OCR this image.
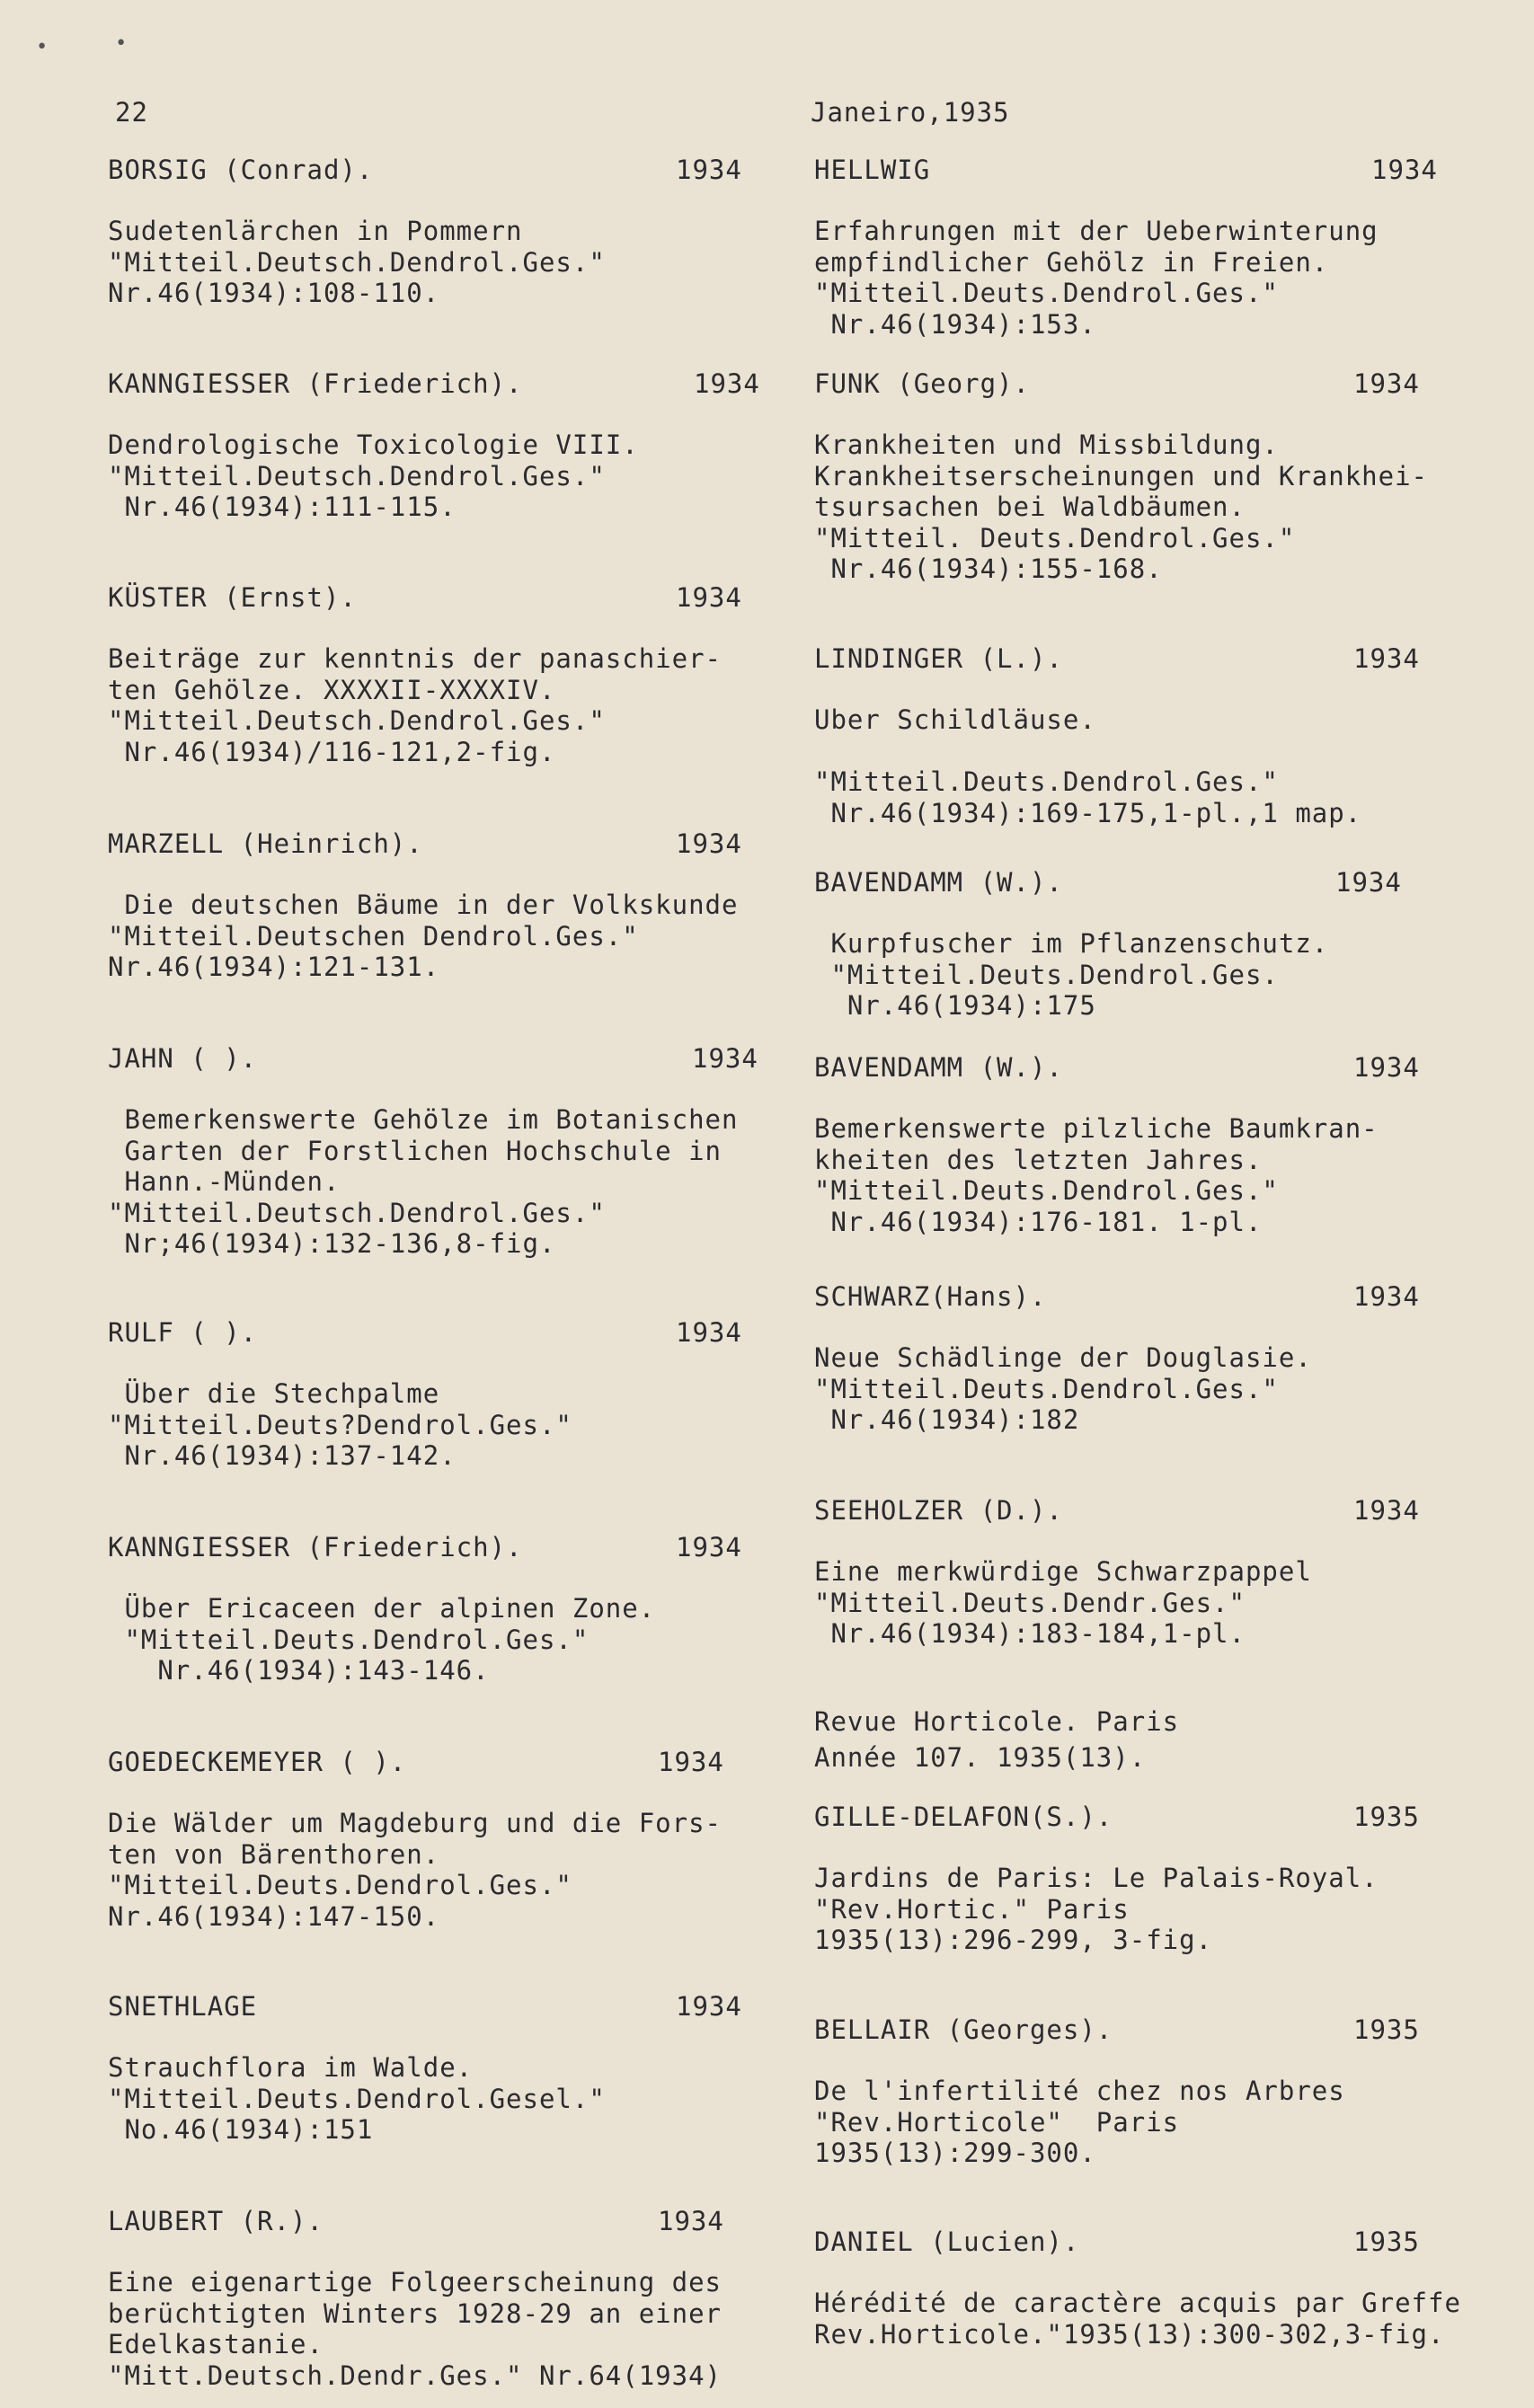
•	•
22	Janeiro,1935
BORSIG (Conrad).	1934
Sudetenlärchen in Pommern
"Mitteil.Deutsch.Dendrol.Ges."
Nr.46(1934):108-110.
KANNGIESSER (Friederich).	1934
Dendrologische Toxicologie VIII.
"Mitteil.Deutsch.Dendrol.Ges."
Nr.46(1934):111-115.
KÜSTER (Ernst).	1934
Beiträge zur kenntnis der panaschier-
ten Gehölze. XXXXII-XXXXIV.
"Mitteil.Deutsch.Dendrol.Ges."
Nr.46(1934)/116-121,2-fig.
MARZELL (Heinrich).	1934
Die deutschen Bäume in der Volkskunde
"Mitteil.Deutschen Dendrol.Ges."
Nr.46(1934):121-131.
JAHN ( ).	1934
Bemerkenswerte Gehölze im Botanischen
Garten der Forstlichen Hochschule in
Hann.-Münden.
"Mitteil.Deutsch.Dendrol.Ges."
Nr;46(1934):132-136,8-fig.
RULF ( ).	1934
Über die Stechpalme
"Mitteil.Deuts?Dendrol.Ges."
Nr.46(1934):137-142.
KANNGIESSER (Friederich).	1934
Über Ericaceen der alpinen Zone.
"Mitteil.Deuts.Dendrol.Ges."
Nr.46(1934):143-146.
GOEDECKEMEYER ( ).	1934
Die Wälder um Magdeburg und die Fors-
ten von Bärenthoren.
"Mitteil.Deuts.Dendrol.Ges."
Nr.46(1934):147-150.
SNETHLAGE	1934
Strauchflora im Walde.
"Mitteil.Deuts.Dendrol.Gesel."
No.46(1934):151
LAUBERT (R.).	1934
Eine eigenartige Folgeerscheinung des
berüchtigten Winters 1928-29 an einer
Edelkastanie.
"Mitt.Deutsch.Dendr.Ges." Nr.64(1934)
HELLWIG	1934
Erfahrungen mit der Ueberwinterung
empfindlicher Gehölz in Freien.
"Mitteil.Deuts.Dendrol.Ges."
Nr.46(1934):153.
FUNK (Georg).	1934
Krankheiten und Missbildung.
Krankheitserscheinungen und Krankhei-
tsursachen bei Waldbäumen.
"Mitteil. Deuts.Dendrol.Ges."
Nr.46(1934):155-168.
LINDINGER (L.).	1934
Uber Schildläuse.
"Mitteil.Deuts.Dendrol.Ges."
Nr.46(1934):169-175,1-pl.,1 map.
BAVENDAMM (W.).	1934
Kurpfuscher im Pflanzenschutz.
"Mitteil.Deuts.Dendrol.Ges.
Nr.46(1934):175
BAVENDAMM (W.).	1934
Bemerkenswerte pilzliche Baumkran-
kheiten des letzten Jahres.
"Mitteil.Deuts.Dendrol.Ges."
Nr.46(1934):176-181. 1-pl.
SCHWARZ(Hans).	1934
Neue Schädlinge der Douglasie.
"Mitteil.Deuts.Dendrol.Ges."
Nr.46(1934):182
SEEHOLZER (D.).	1934
Eine merkwürdige Schwarzpappel
"Mitteil.Deuts.Dendr.Ges."
Nr.46(1934):183-184,1-pl.
Revue Horticole. Paris
Année 107. 1935(13).
GILLE-DELAFON(S.).	1935
Jardins de Paris: Le Palais-Royal.
"Rev.Hortic." Paris
1935(13):296-299, 3-fig.
BELLAIR (Georges).	1935
De l'infertilité chez nos Arbres
"Rev.Horticole"  Paris
1935(13):299-300.
DANIEL (Lucien).	1935
Hérédité de caractère acquis par Greffe
Rev.Horticole."1935(13):300-302,3-fig.
